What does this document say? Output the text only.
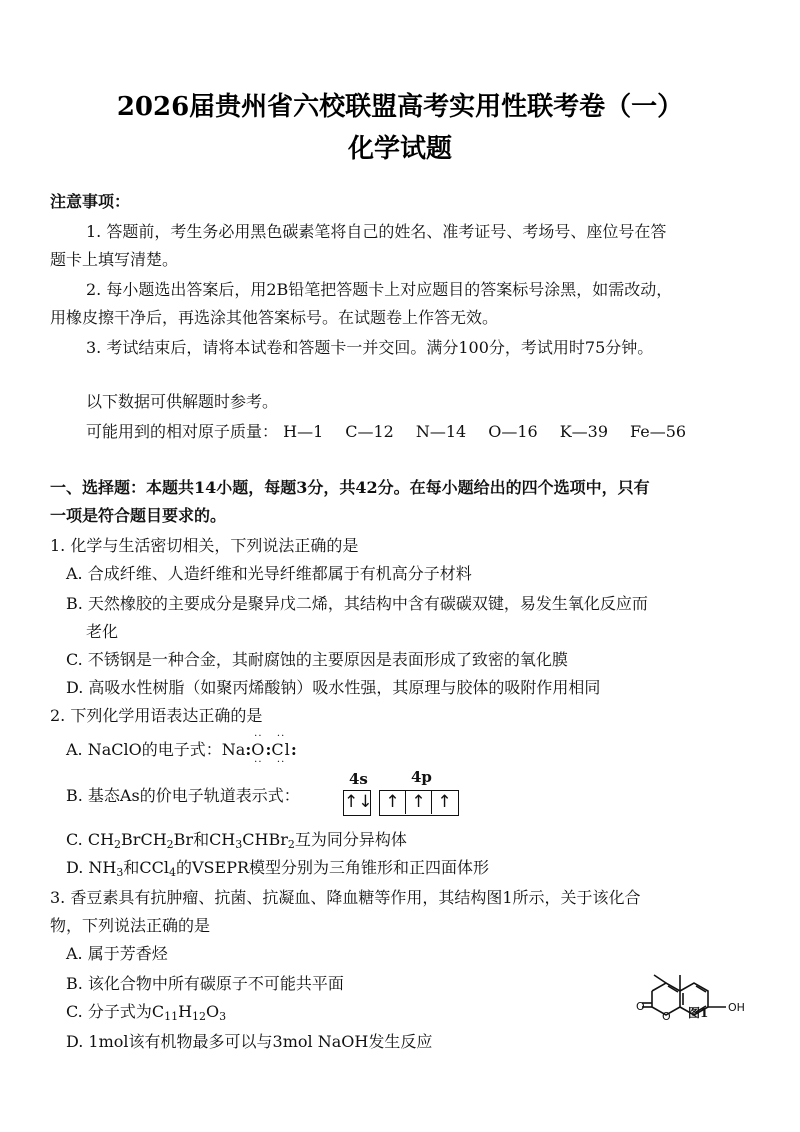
2026届贵州省六校联盟高考实用性联考卷（一）
化学试题
注意事项：
1. 答题前，考生务必用黑色碳素笔将自己的姓名、准考证号、考场号、座位号在答
题卡上填写清楚。
2. 每小题选出答案后，用2B铅笔把答题卡上对应题目的答案标号涂黑，如需改动，
用橡皮擦干净后，再选涂其他答案标号。在试题卷上作答无效。
3. 考试结束后，请将本试卷和答题卡一并交回。满分100分，考试用时75分钟。
以下数据可供解题时参考。
可能用到的相对原子质量： H—1 C—12 N—14 O—16 K—39 Fe—56
一、选择题：本题共14小题，每题3分，共42分。在每小题给出的四个选项中，只有
一项是符合题目要求的。
1. 化学与生活密切相关，下列说法正确的是
A. 合成纤维、人造纤维和光导纤维都属于有机高分子材料
B. 天然橡胶的主要成分是聚异戊二烯，其结构中含有碳碳双键，易发生氧化反应而
老化
C. 不锈钢是一种合金，其耐腐蚀的主要原因是表面形成了致密的氧化膜
D. 高吸水性树脂（如聚丙烯酸钠）吸水性强，其原理与胶体的吸附作用相同
2. 下列化学用语表达正确的是
A. NaClO的电子式：Na:
··
O
··
:
··
Cl
··
:
B. 基态As的价电子轨道表示式：
4s	4p
↑↓ ↑ ↑ ↑
C. $CH_2BrCH_2Br$和$CH_3CHBr_2$互为同分异构体
D. $NH_3$和CCl$_4$的VSEPR模型分别为三角锥形和正四面体形
3. 香豆素具有抗肿瘤、抗菌、抗凝血、降血糖等作用，其结构图1所示，关于该化合
物，下列说法正确的是
A. 属于芳香烃
B. 该化合物中所有碳原子不可能共平面
C. 分子式为$C_{11}H_{12}O_3$
D. 1mol该有机物最多可以与3mol NaOH发生反应
O
O
OH
图1
